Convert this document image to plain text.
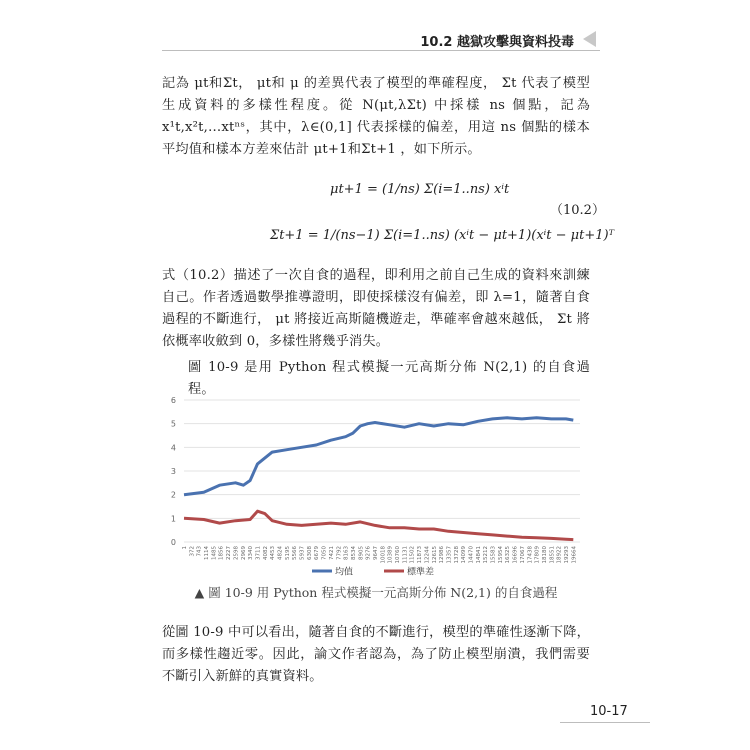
10.2 越獄攻擊與資料投毒

記為 μt和Σt， μt和 μ 的差異代表了模型的準確程度， Σt 代表了模型生成資料的多樣性程度。從 N(μt,λΣt) 中採樣 ns 個點，記為 x¹t,x²t,…xtⁿˢ，其中，λ∈(0,1] 代表採樣的偏差，用這 ns 個點的樣本平均值和樣本方差來估計 μt+1和Σt+1 ，如下所示。

μt+1 = (1/ns) Σ(i=1..ns) xⁱt
Σt+1 = 1/(ns−1) Σ(i=1..ns) (xⁱt − μt+1)(xⁱt − μt+1)ᵀ
（10.2）

式（10.2）描述了一次自食的過程，即利用之前自己生成的資料來訓練自己。作者透過數學推導證明，即使採樣沒有偏差，即 λ=1，隨著自食過程的不斷進行， μt 將接近高斯隨機遊走，準確率會越來越低， Σt 將依概率收斂到 0，多樣性將幾乎消失。

圖 10-9 是用 Python 程式模擬一元高斯分佈 N(2,1) 的自食過程。

0
1
2
3
4
5
6
1 372 743 1114 1485 1856 2227 2598 2969 3340 3711 4082 4453 4824 5195 5566 5937 6308 6679 7050 7421 7792 8163 8534 8905 9276 9647 10018 10389 10760 11131 11502 11873 12244 12615 12986 13357 13728 14099 14470 14841 15212 15583 15954 16325 16696 17067 17438 17809 18180 18551 18922 19293 19664
均值	標準差
▲ 圖 10-9 用 Python 程式模擬一元高斯分佈 N(2,1) 的自食過程

從圖 10-9 中可以看出，隨著自食的不斷進行，模型的準確性逐漸下降，而多樣性趨近零。因此，論文作者認為，為了防止模型崩潰，我們需要不斷引入新鮮的真實資料。

10-17
